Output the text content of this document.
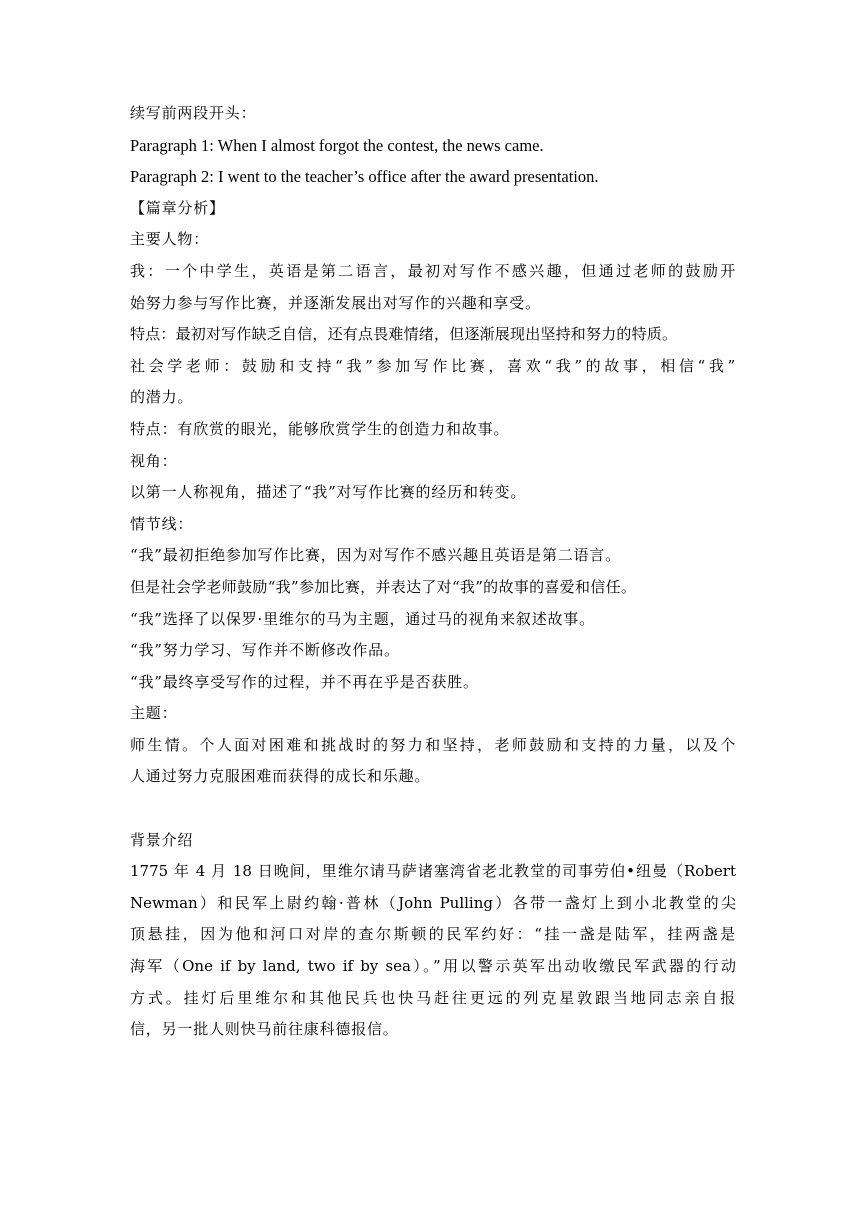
续写前两段开头：
Paragraph 1: When I almost forgot the contest, the news came.
Paragraph 2: I went to the teacher’s office after the award presentation.
【篇章分析】
主要人物：
我：一个中学生，英语是第二语言，最初对写作不感兴趣，但通过老师的鼓励开
始努力参与写作比赛，并逐渐发展出对写作的兴趣和享受。
特点：最初对写作缺乏自信，还有点畏难情绪，但逐渐展现出坚持和努力的特质。
社会学老师：鼓励和支持“我”参加写作比赛，喜欢“我”的故事，相信“我”
的潜力。
特点：有欣赏的眼光，能够欣赏学生的创造力和故事。
视角：
以第一人称视角，描述了“我”对写作比赛的经历和转变。
情节线：
“我”最初拒绝参加写作比赛，因为对写作不感兴趣且英语是第二语言。
但是社会学老师鼓励“我”参加比赛，并表达了对“我”的故事的喜爱和信任。
“我”选择了以保罗·里维尔的马为主题，通过马的视角来叙述故事。
“我”努力学习、写作并不断修改作品。
“我”最终享受写作的过程，并不再在乎是否获胜。
主题：
师生情。个人面对困难和挑战时的努力和坚持，老师鼓励和支持的力量，以及个
人通过努力克服困难而获得的成长和乐趣。
背景介绍
1775 年 4 月 18 日晚间，里维尔请马萨诸塞湾省老北教堂的司事劳伯•纽曼（Robert
Newman）和民军上尉约翰·普林（John Pulling）各带一盏灯上到小北教堂的尖
顶悬挂，因为他和河口对岸的查尔斯顿的民军约好：“挂一盏是陆军，挂两盏是
海军（One if by land, two if by sea）。”用以警示英军出动收缴民军武器的行动
方式。挂灯后里维尔和其他民兵也快马赶往更远的列克星敦跟当地同志亲自报
信，另一批人则快马前往康科德报信。
